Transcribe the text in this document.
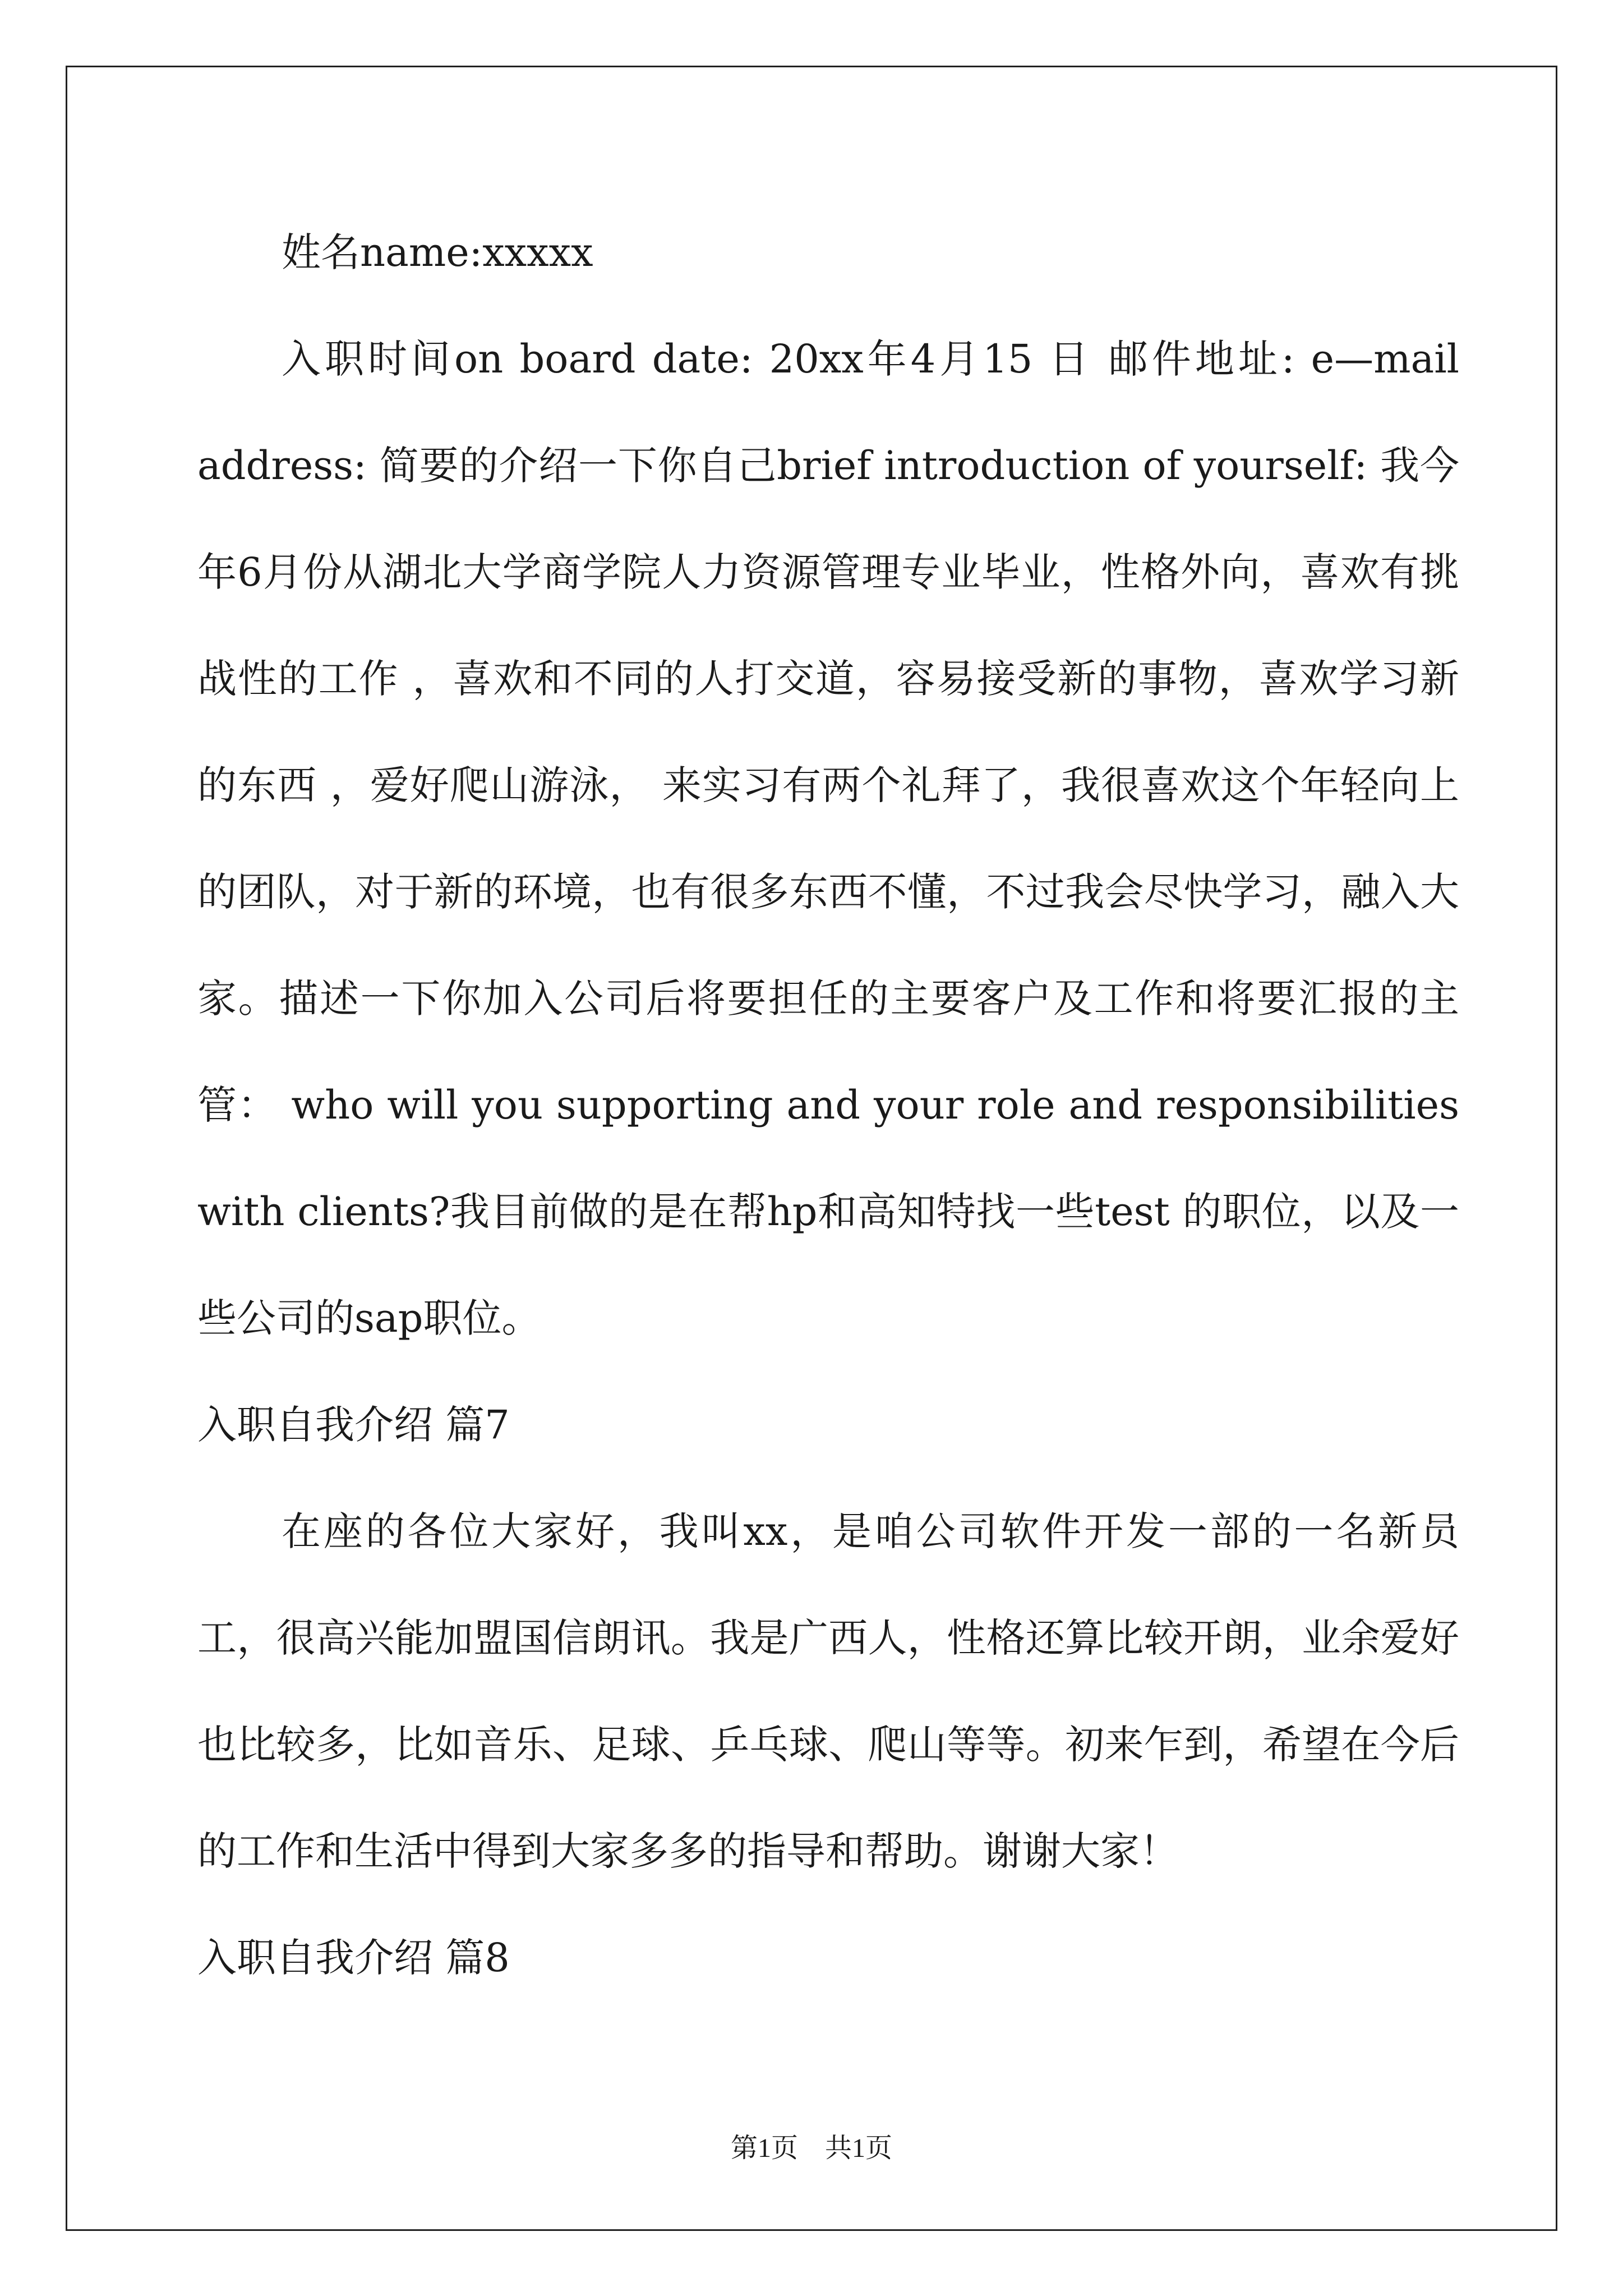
姓名name:xxxxx

入职时间on board date: 20xx年4月15 日 邮件地址: e—mail address: 简要的介绍一下你自己brief introduction of yourself: 我今年6月份从湖北大学商学院人力资源管理专业毕业，性格外向，喜欢有挑战性的工作 ，喜欢和不同的人打交道，容易接受新的事物，喜欢学习新的东西 ，爱好爬山游泳， 来实习有两个礼拜了，我很喜欢这个年轻向上的团队，对于新的环境，也有很多东西不懂，不过我会尽快学习，融入大家。描述一下你加入公司后将要担任的主要客户及工作和将要汇报的主管： who will you supporting and your role and responsibilities with clients?我目前做的是在帮hp和高知特找一些test 的职位，以及一些公司的sap职位。

入职自我介绍 篇7

在座的各位大家好，我叫xx，是咱公司软件开发一部的一名新员工，很高兴能加盟国信朗讯。我是广西人，性格还算比较开朗，业余爱好也比较多，比如音乐、足球、乒乓球、爬山等等。初来乍到，希望在今后的工作和生活中得到大家多多的指导和帮助。谢谢大家！

入职自我介绍 篇8

第1页　共1页
